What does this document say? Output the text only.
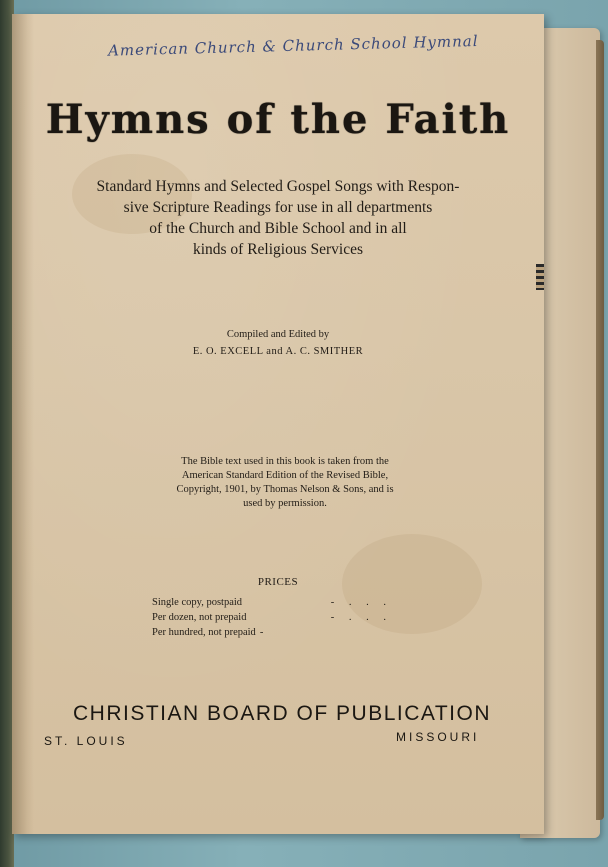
American Church & Church School Hymnal
Hymns of the Faith
Standard Hymns and Selected Gospel Songs with Respon-
sive Scripture Readings for use in all departments
of the Church and Bible School and in all
kinds of Religious Services
Compiled and Edited by
E. O. EXCELL and A. C. SMITHER
The Bible text used in this book is taken from the
American Standard Edition of the Revised Bible,
Copyright, 1901, by Thomas Nelson & Sons, and is
used by permission.
PRICES
Single copy, postpaid	- . . .
Per dozen, not prepaid	- . . .
Per hundred, not prepaid -
CHRISTIAN BOARD OF PUBLICATION
ST. LOUIS	MISSOURI
